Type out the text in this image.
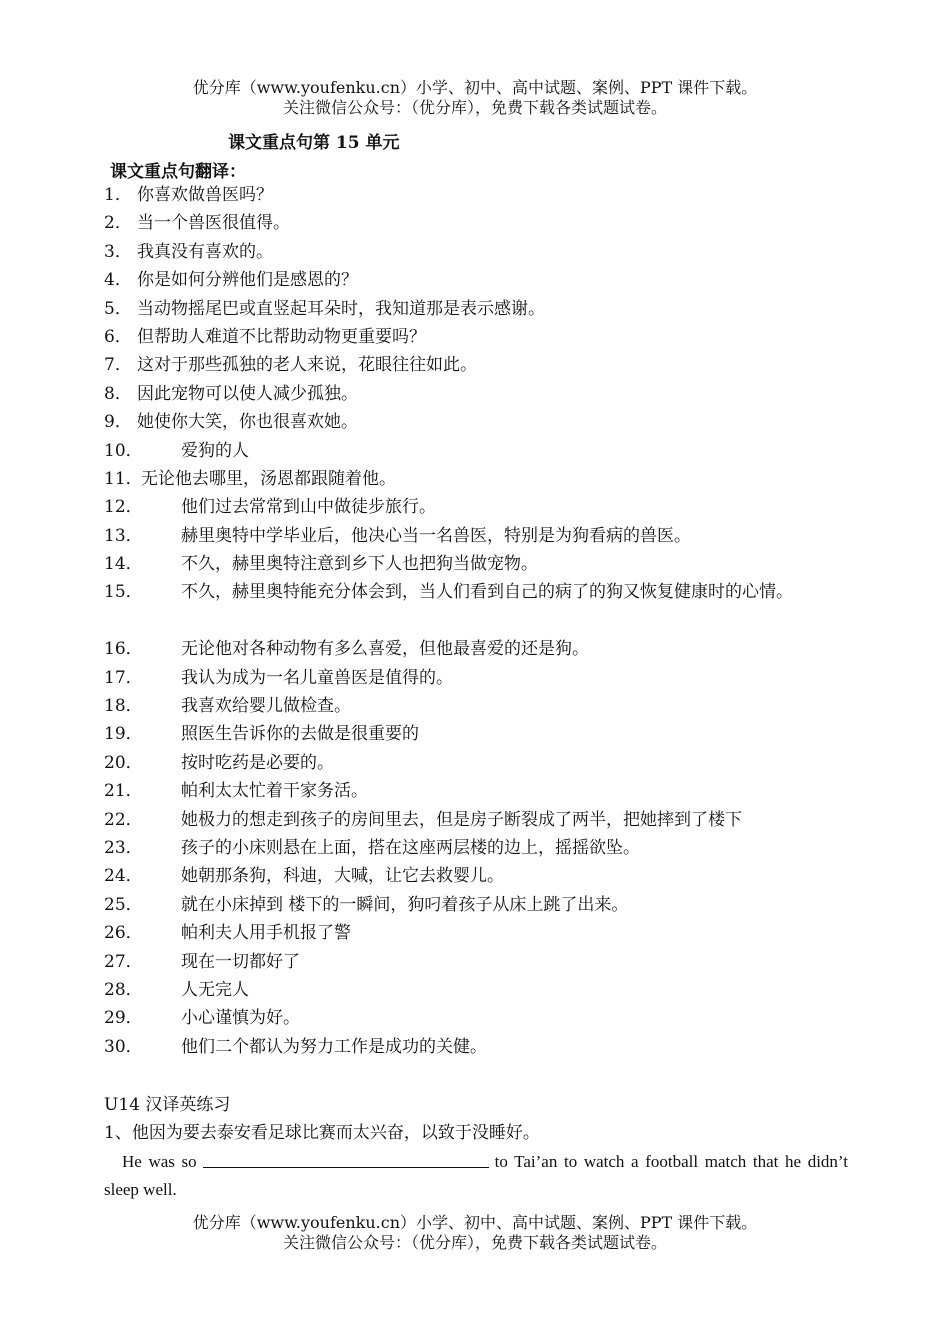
优分库（www.youfenku.cn）小学、初中、高中试题、案例、PPT 课件下载。
关注微信公众号：（优分库），免费下载各类试题试卷。
课文重点句第 15 单元
课文重点句翻译：
1． 你喜欢做兽医吗？
2． 当一个兽医很值得。
3． 我真没有喜欢的。
4． 你是如何分辨他们是感恩的？
5． 当动物摇尾巴或直竖起耳朵时，我知道那是表示感谢。
6． 但帮助人难道不比帮助动物更重要吗？
7． 这对于那些孤独的老人来说，花眼往往如此。
8． 因此宠物可以使人减少孤独。
9． 她使你大笑，你也很喜欢她。
10． 爱狗的人
11．
无论他去哪里，汤恩都跟随着他。
12． 他们过去常常到山中做徒步旅行。
13． 赫里奥特中学毕业后，他决心当一名兽医，特别是为狗看病的兽医。
14． 不久，赫里奥特注意到乡下人也把狗当做宠物。
15．	不久，赫里奥特能充分体会到，当人们看到自己的病了的狗又恢复健康时的心情。
16． 无论他对各种动物有多么喜爱，但他最喜爱的还是狗。
17． 我认为成为一名儿童兽医是值得的。
18． 我喜欢给婴儿做检查。
19． 照医生告诉你的去做是很重要的
20． 按时吃药是必要的。
21． 帕利太太忙着干家务活。
22． 她极力的想走到孩子的房间里去，但是房子断裂成了两半，把她摔到了楼下
23． 孩子的小床则悬在上面，搭在这座两层楼的边上，摇摇欲坠。
24． 她朝那条狗，科迪，大喊，让它去救婴儿。
25． 就在小床掉到 楼下的一瞬间，狗叼着孩子从床上跳了出来。
26． 帕利夫人用手机报了警
27． 现在一切都好了
28． 人无完人
29． 小心谨慎为好。
30． 他们二个都认为努力工作是成功的关健。
U14 汉译英练习
1、他因为要去泰安看足球比赛而太兴奋，以致于没睡好。
He was so	to Tai’an to watch a football match that he didn’t sleep well.
优分库（www.youfenku.cn）小学、初中、高中试题、案例、PPT 课件下载。
关注微信公众号：（优分库），免费下载各类试题试卷。
